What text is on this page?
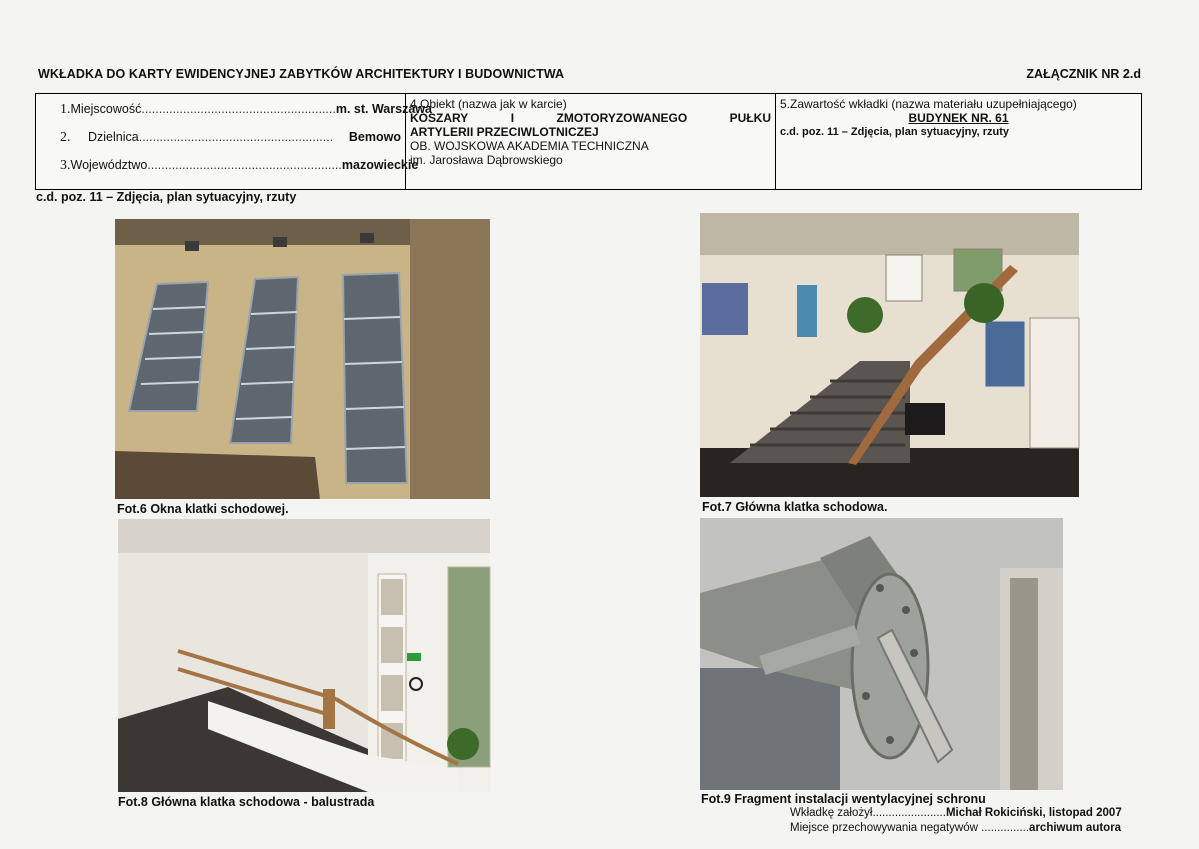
WKŁADKA DO KARTY EWIDENCYJNEJ ZABYTKÓW ARCHITEKTURY I BUDOWNICTWA	ZAŁĄCZNIK NR 2.d
1. Miejscowość ........................................................ m. st. Warszawa
2.	Dzielnica ........................................................	Bemowo
3. Województwo ........................................................ mazowieckie
4.Obiekt (nazwa jak w karcie)
KOSZARY	I	ZMOTORYZOWANEGO	PUŁKU
ARTYLERII PRZECIWLOTNICZEJ
OB. WOJSKOWA AKADEMIA TECHNICZNA
im. Jarosława Dąbrowskiego
5.Zawartość wkładki (nazwa materiału uzupełniającego)
BUDYNEK NR. 61
c.d. poz. 11 – Zdjęcia, plan sytuacyjny, rzuty
c.d. poz. 11 – Zdjęcia, plan sytuacyjny, rzuty
Fot.6 Okna klatki schodowej.	Fot.7 Główna klatka schodowa.
Fot.8 Główna klatka schodowa - balustrada	Fot.9 Fragment instalacji wentylacyjnej schronu
Wkładkę założył.......................Michał Rokiciński, listopad 2007
Miejsce przechowywania negatywów ...............archiwum autora
